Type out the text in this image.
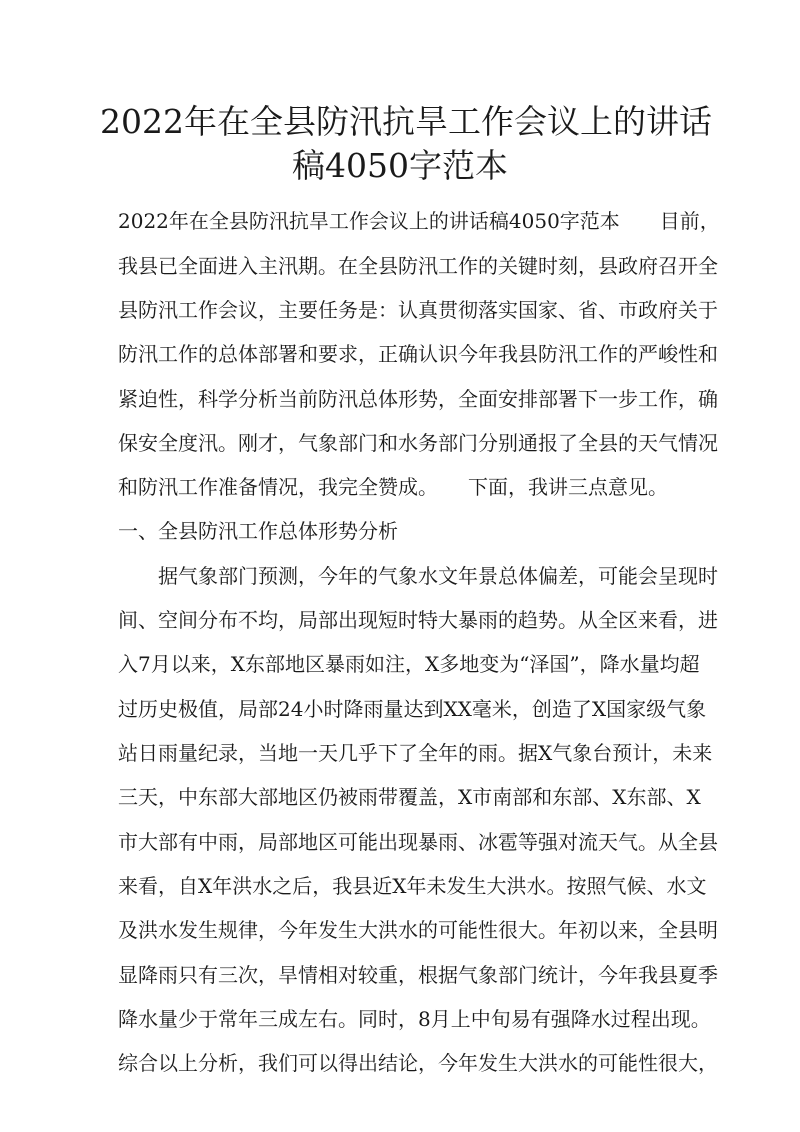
2022年在全县防汛抗旱工作会议上的讲话
稿4050字范本
2022年在全县防汛抗旱工作会议上的讲话稿4050字范本　　目前，
我县已全面进入主汛期。在全县防汛工作的关键时刻，县政府召开全
县防汛工作会议，主要任务是：认真贯彻落实国家、省、市政府关于
防汛工作的总体部署和要求，正确认识今年我县防汛工作的严峻性和
紧迫性，科学分析当前防汛总体形势，全面安排部署下一步工作，确
保安全度汛。刚才，气象部门和水务部门分别通报了全县的天气情况
和防汛工作准备情况，我完全赞成。　　下面，我讲三点意见。
一、全县防汛工作总体形势分析
　　据气象部门预测，今年的气象水文年景总体偏差，可能会呈现时
间、空间分布不均，局部出现短时特大暴雨的趋势。从全区来看，进
入7月以来，X东部地区暴雨如注，X多地变为“泽国”，降水量均超
过历史极值，局部24小时降雨量达到XX毫米，创造了X国家级气象
站日雨量纪录，当地一天几乎下了全年的雨。据X气象台预计，未来
三天，中东部大部地区仍被雨带覆盖，X市南部和东部、X东部、X
市大部有中雨，局部地区可能出现暴雨、冰雹等强对流天气。从全县
来看，自X年洪水之后，我县近X年未发生大洪水。按照气候、水文
及洪水发生规律，今年发生大洪水的可能性很大。年初以来，全县明
显降雨只有三次，旱情相对较重，根据气象部门统计，今年我县夏季
降水量少于常年三成左右。同时，8月上中旬易有强降水过程出现。
综合以上分析，我们可以得出结论，今年发生大洪水的可能性很大，
